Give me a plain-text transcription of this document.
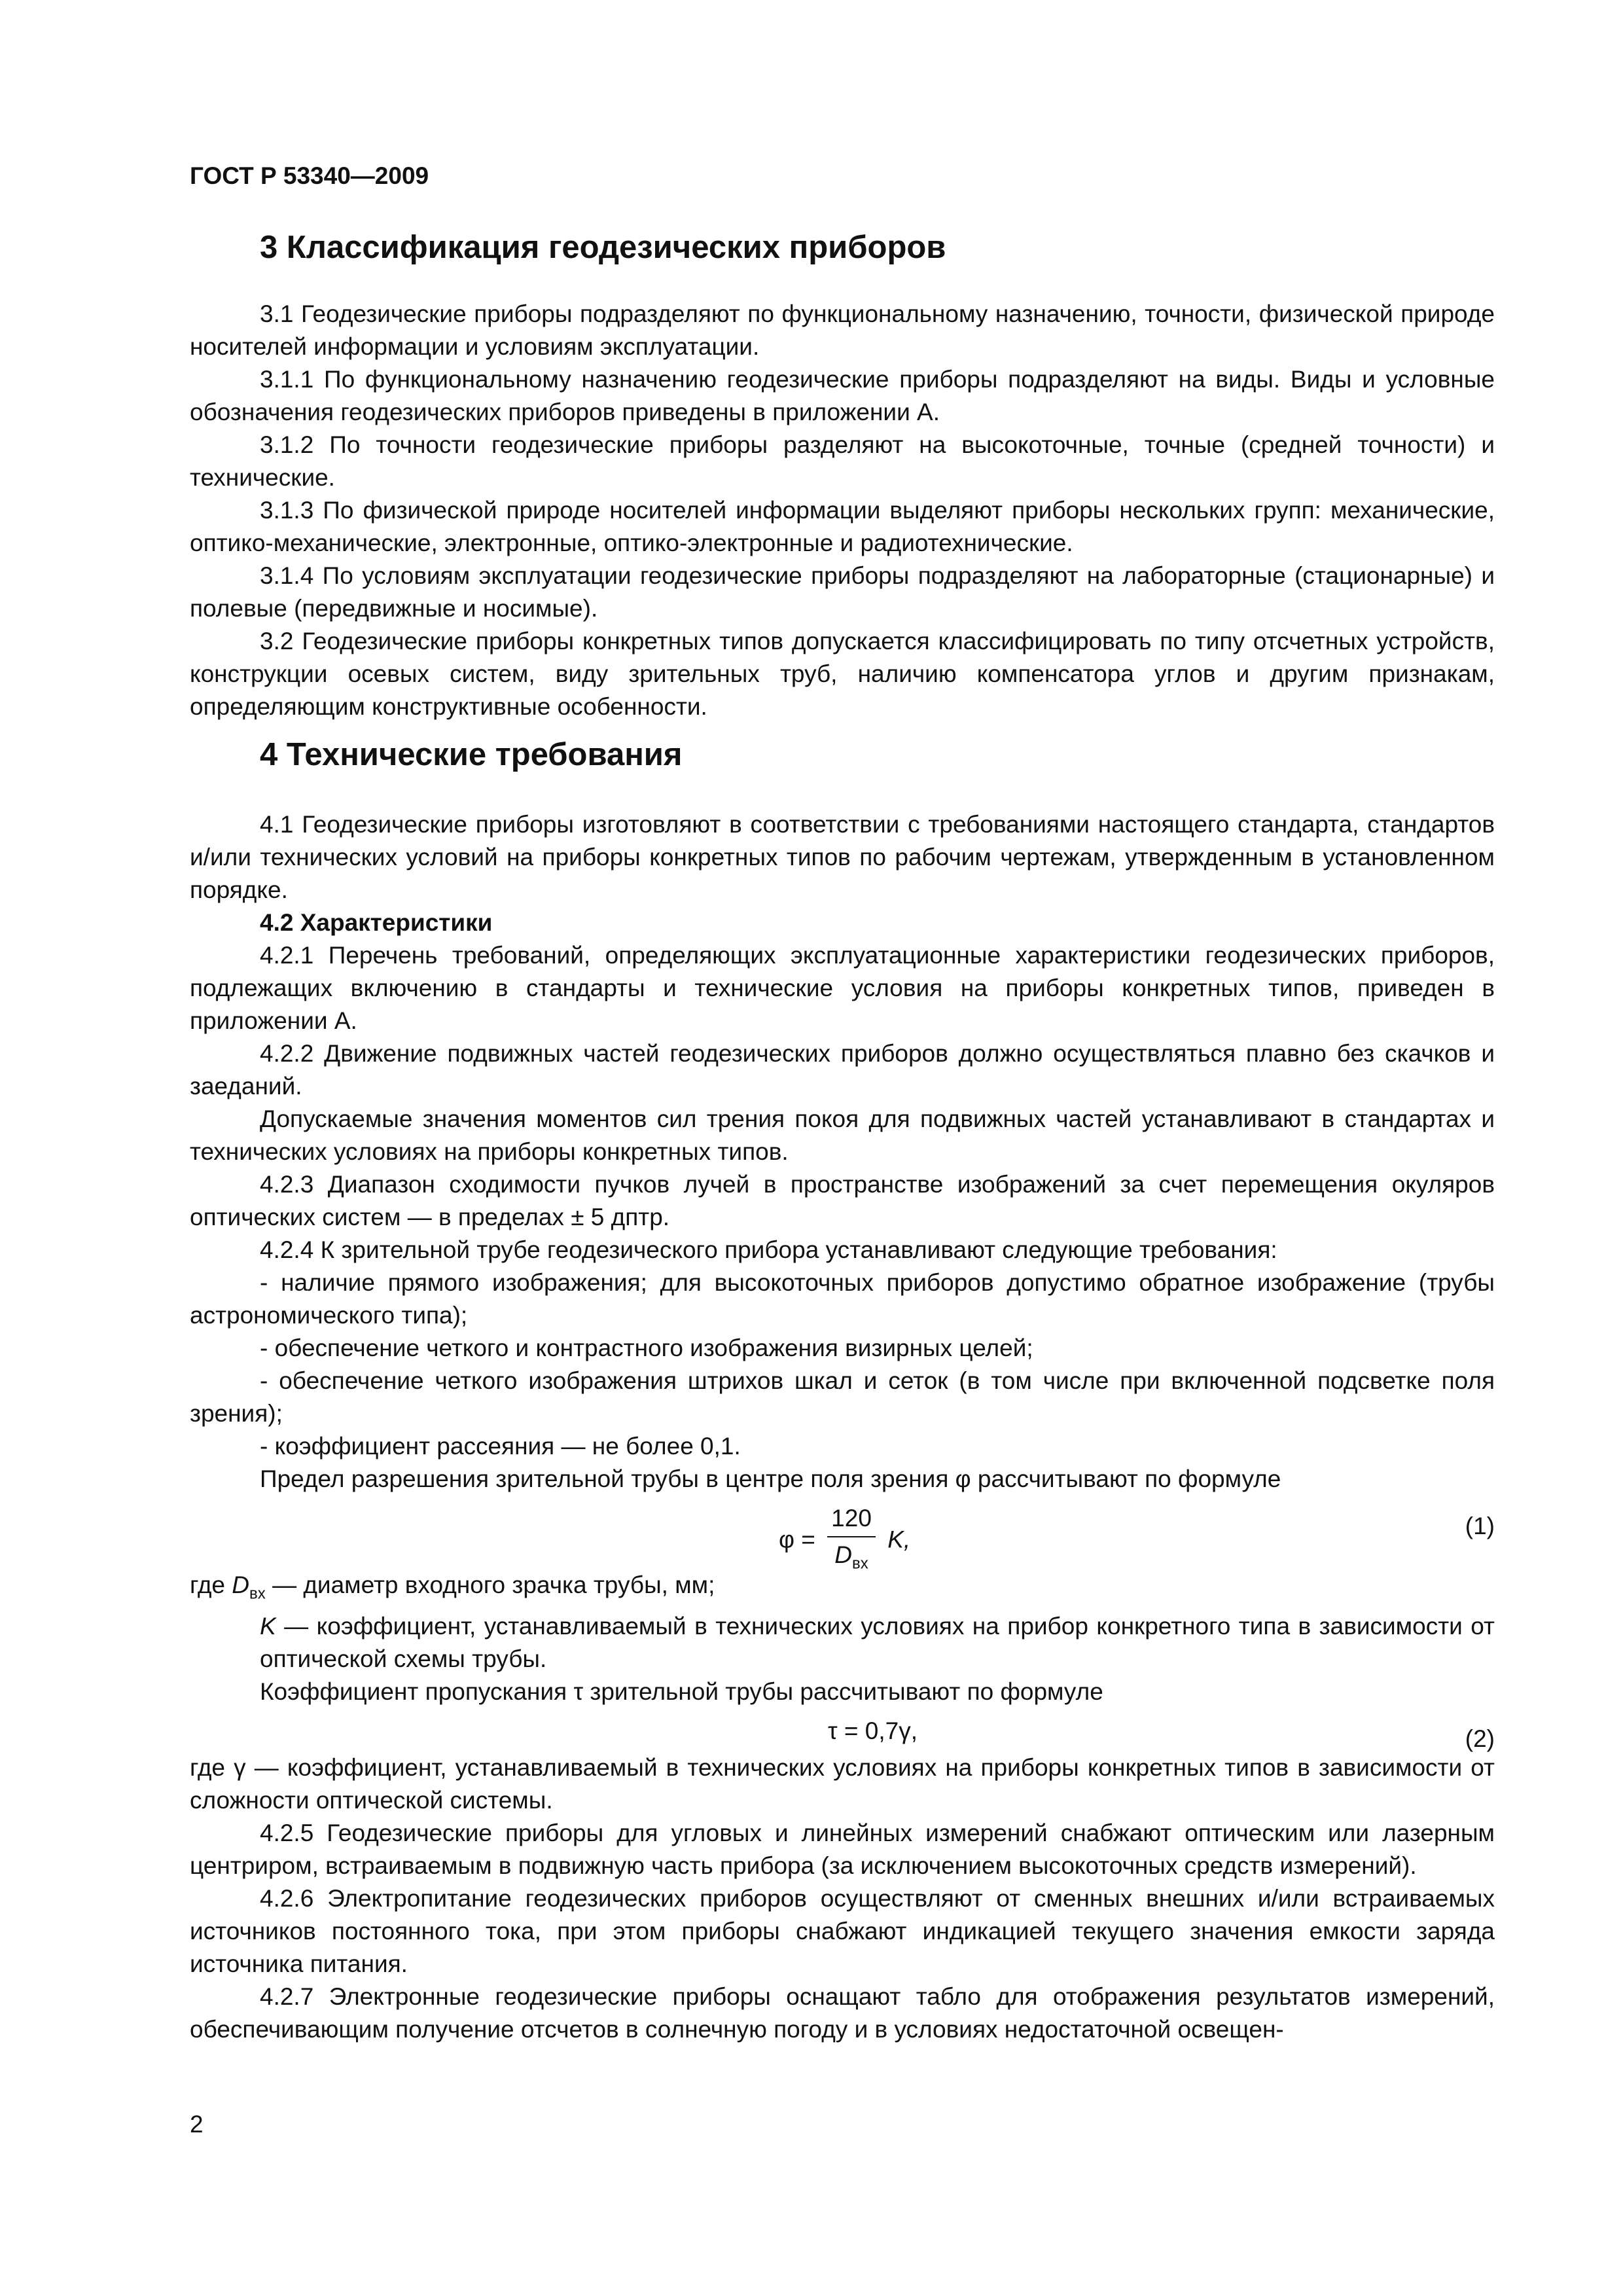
ГОСТ Р 53340—2009
3 Классификация геодезических приборов

3.1 Геодезические приборы подразделяют по функциональному назначению, точности, физической природе носителей информации и условиям эксплуатации.

3.1.1 По функциональному назначению геодезические приборы подразделяют на виды. Виды и условные обозначения геодезических приборов приведены в приложении А.

3.1.2 По точности геодезические приборы разделяют на высокоточные, точные (средней точности) и технические.

3.1.3 По физической природе носителей информации выделяют приборы нескольких групп: механические, оптико-механические, электронные, оптико-электронные и радиотехнические.

3.1.4 По условиям эксплуатации геодезические приборы подразделяют на лабораторные (стационарные) и полевые (передвижные и носимые).

3.2 Геодезические приборы конкретных типов допускается классифицировать по типу отсчетных устройств, конструкции осевых систем, виду зрительных труб, наличию компенсатора углов и другим признакам, определяющим конструктивные особенности.

4 Технические требования

4.1 Геодезические приборы изготовляют в соответствии с требованиями настоящего стандарта, стандартов и/или технических условий на приборы конкретных типов по рабочим чертежам, утвержденным в установленном порядке.

4.2 Характеристики

4.2.1 Перечень требований, определяющих эксплуатационные характеристики геодезических приборов, подлежащих включению в стандарты и технические условия на приборы конкретных типов, приведен в приложении А.

4.2.2 Движение подвижных частей геодезических приборов должно осуществляться плавно без скачков и заеданий.

Допускаемые значения моментов сил трения покоя для подвижных частей устанавливают в стандартах и технических условиях на приборы конкретных типов.

4.2.3 Диапазон сходимости пучков лучей в пространстве изображений за счет перемещения окуляров оптических систем — в пределах ± 5 дптр.

4.2.4 К зрительной трубе геодезического прибора устанавливают следующие требования:

- наличие прямого изображения; для высокоточных приборов допустимо обратное изображение (трубы астрономического типа);

- обеспечение четкого и контрастного изображения визирных целей;

- обеспечение четкого изображения штрихов шкал и сеток (в том числе при включенной подсветке поля зрения);

- коэффициент рассеяния — не более 0,1.

Предел разрешения зрительной трубы в центре поля зрения φ рассчитывают по формуле

$\varphi = \frac{120}{D_{вх}} K$,	(1)

где $D_{вх}$ — диаметр входного зрачка трубы, мм;

K — коэффициент, устанавливаемый в технических условиях на прибор конкретного типа в зависимости от оптической схемы трубы.

Коэффициент пропускания τ зрительной трубы рассчитывают по формуле

τ = 0,7γ,	(2)

где γ — коэффициент, устанавливаемый в технических условиях на приборы конкретных типов в зависимости от сложности оптической системы.

4.2.5 Геодезические приборы для угловых и линейных измерений снабжают оптическим или лазерным центриром, встраиваемым в подвижную часть прибора (за исключением высокоточных средств измерений).

4.2.6 Электропитание геодезических приборов осуществляют от сменных внешних и/или встраиваемых источников постоянного тока, при этом приборы снабжают индикацией текущего значения емкости заряда источника питания.

4.2.7 Электронные геодезические приборы оснащают табло для отображения результатов измерений, обеспечивающим получение отсчетов в солнечную погоду и в условиях недостаточной освещен-

2
